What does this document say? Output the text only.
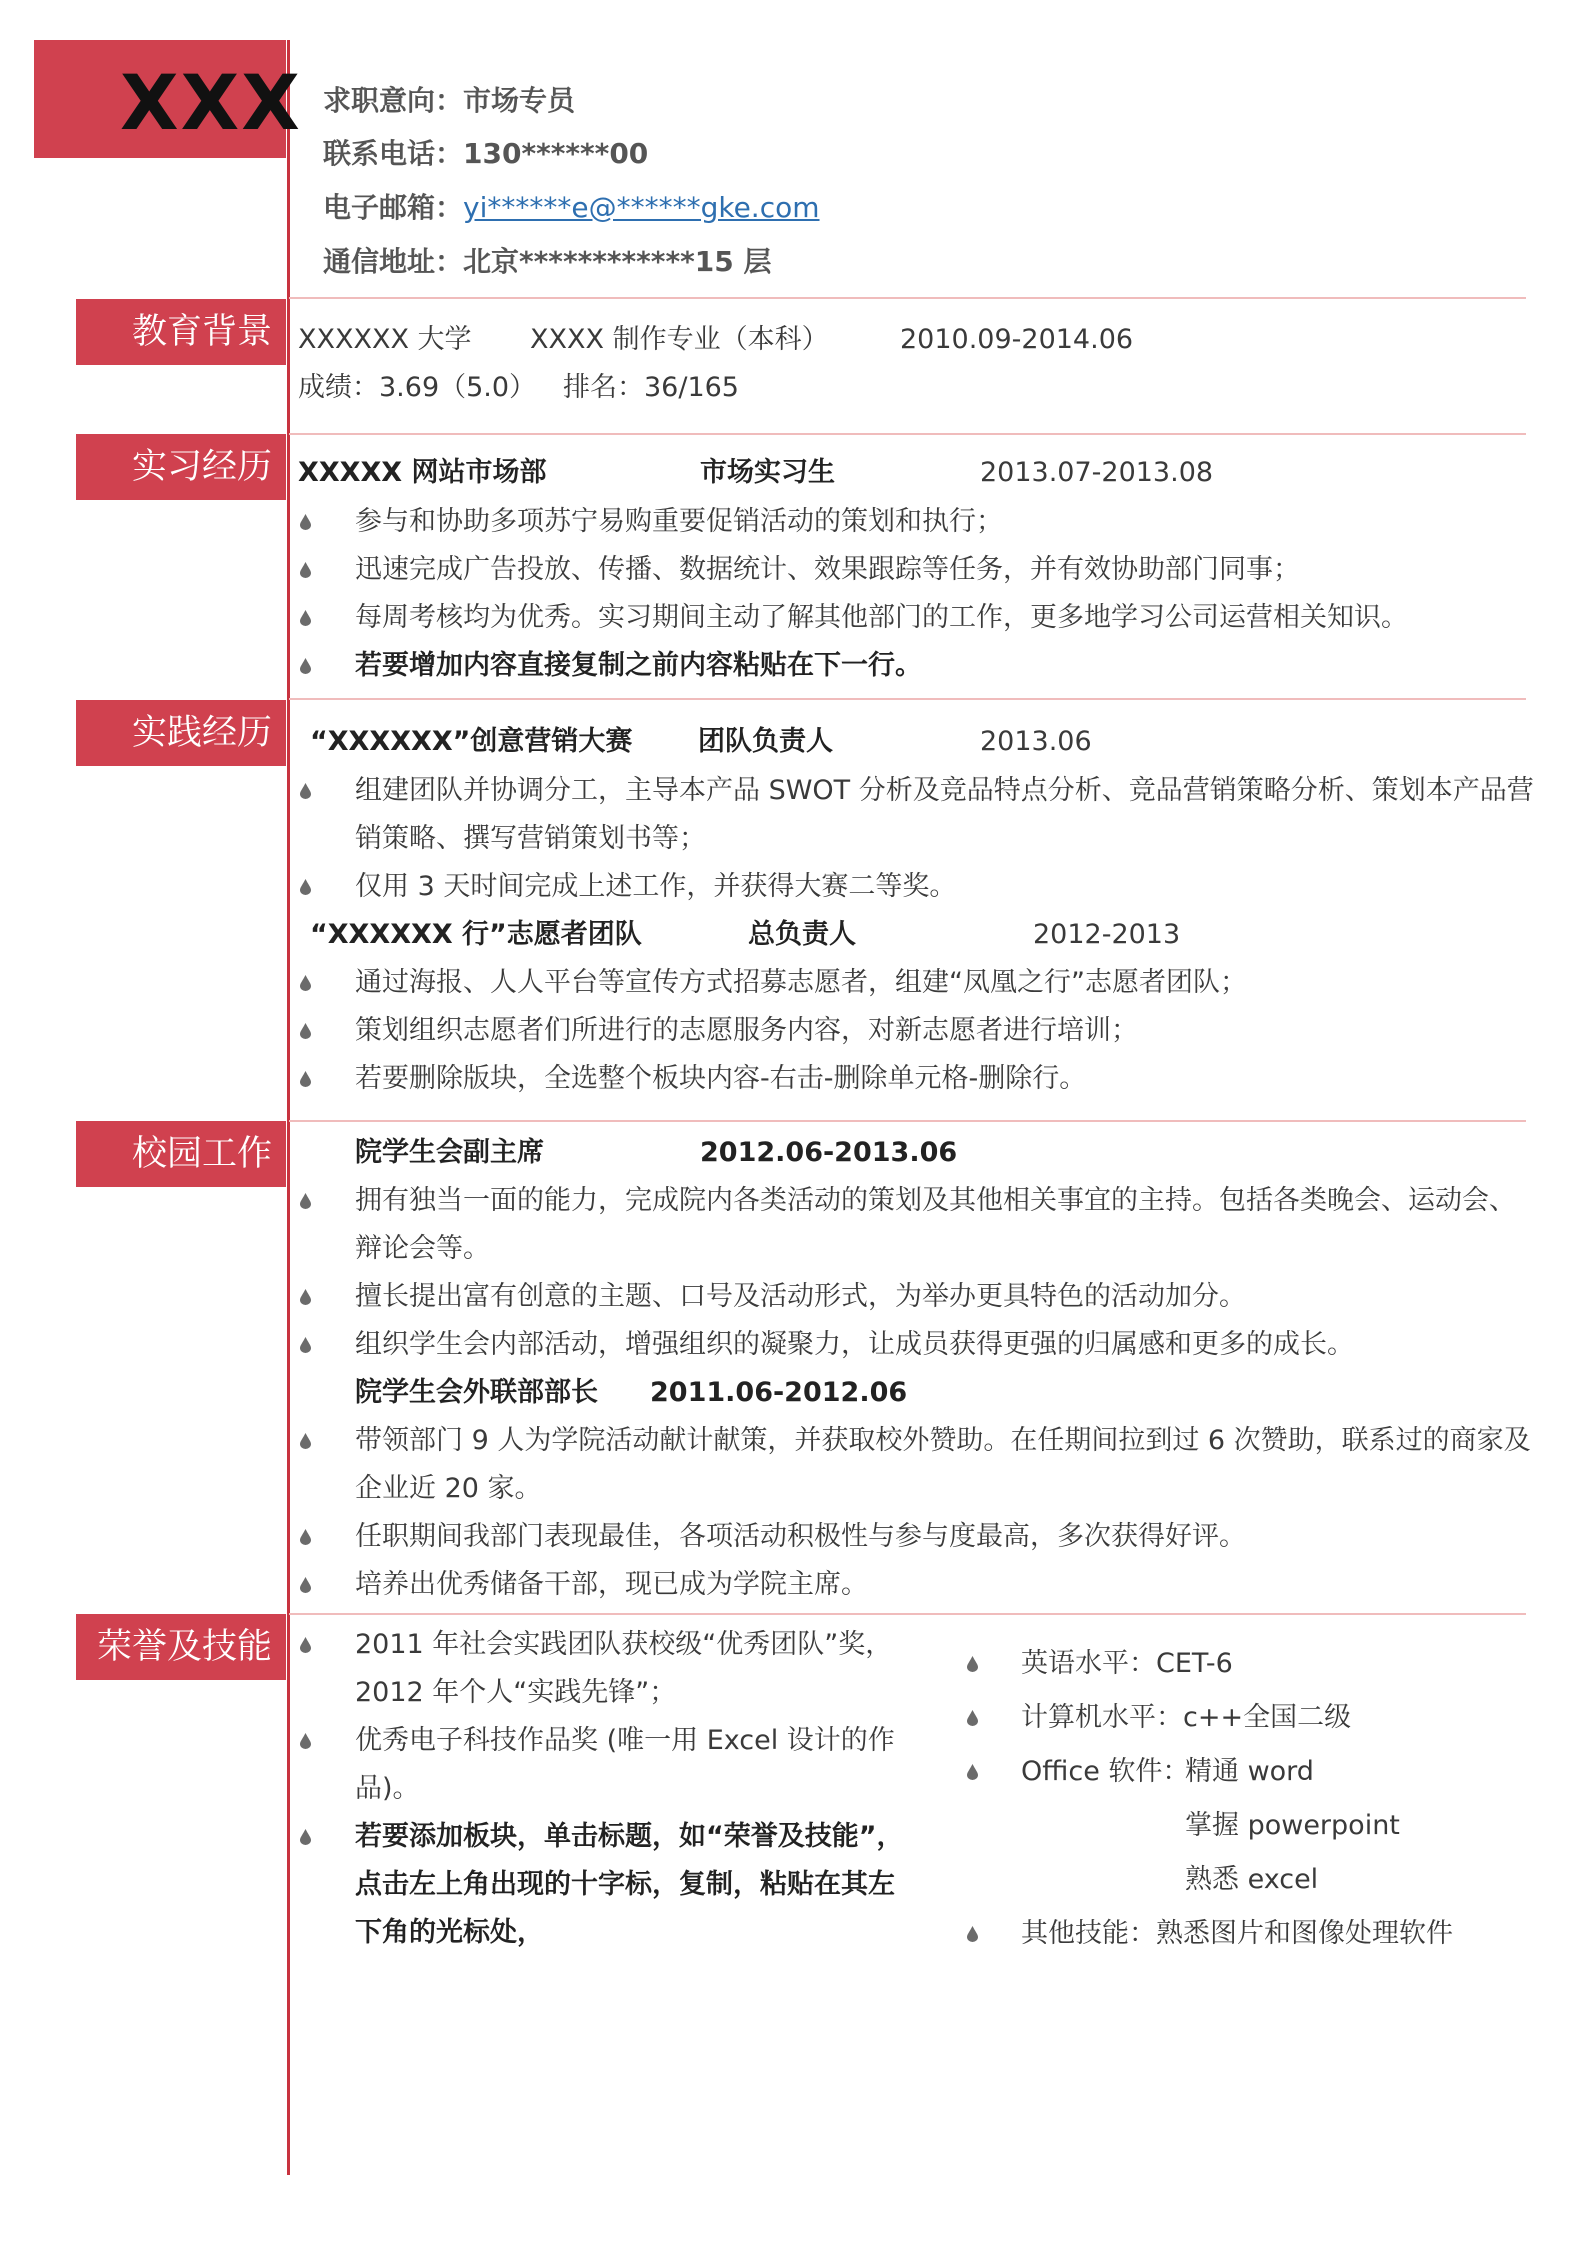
XXX 求职意向：市场专员
联系电话：130******00
电子邮箱：yi******e@******gke.com
通信地址：北京************15 层
教育背景 XXXXXX 大学 XXXX 制作专业（本科）	2010.09-2014.06
成绩：3.69（5.0） 排名：36/165
实习经历 XXXXX 网站市场部	市场实习生	2013.07-2013.08
参与和协助多项苏宁易购重要促销活动的策划和执行；
迅速完成广告投放、传播、数据统计、效果跟踪等任务，并有效协助部门同事；
每周考核均为优秀。实习期间主动了解其他部门的工作，更多地学习公司运营相关知识。
若要增加内容直接复制之前内容粘贴在下一行。
实践经历	“XXXXXX”创意营销大赛 团队负责人	2013.06
组建团队并协调分工，主导本产品 SWOT 分析及竞品特点分析、竞品营销策略分析、策划本产品营
销策略、撰写营销策划书等；
仅用 3 天时间完成上述工作，并获得大赛二等奖。
“XXXXXX 行”志愿者团队	总负责人	2012-2013
通过海报、人人平台等宣传方式招募志愿者，组建“凤凰之行”志愿者团队；
策划组织志愿者们所进行的志愿服务内容，对新志愿者进行培训；
若要删除版块，全选整个板块内容-右击-删除单元格-删除行。
校园工作	院学生会副主席	2012.06-2013.06
拥有独当一面的能力，完成院内各类活动的策划及其他相关事宜的主持。包括各类晚会、运动会、
辩论会等。
擅长提出富有创意的主题、口号及活动形式，为举办更具特色的活动加分。
组织学生会内部活动，增强组织的凝聚力，让成员获得更强的归属感和更多的成长。
院学生会外联部部长 2011.06-2012.06
带领部门 9 人为学院活动献计献策，并获取校外赞助。在任期间拉到过 6 次赞助，联系过的商家及
企业近 20 家。
任职期间我部门表现最佳，各项活动积极性与参与度最高，多次获得好评。
培养出优秀储备干部，现已成为学院主席。
荣誉及技能	2011 年社会实践团队获校级“优秀团队”奖，
2012 年个人“实践先锋”；
优秀电子科技作品奖 (唯一用 Excel 设计的作
品)。
若要添加板块，单击标题，如“荣誉及技能”，
点击左上角出现的十字标，复制，粘贴在其左
下角的光标处，
英语水平：CET-6
计算机水平：c++全国二级
Office 软件：
精通 word
掌握 powerpoint
熟悉 excel
其他技能：熟悉图片和图像处理软件
